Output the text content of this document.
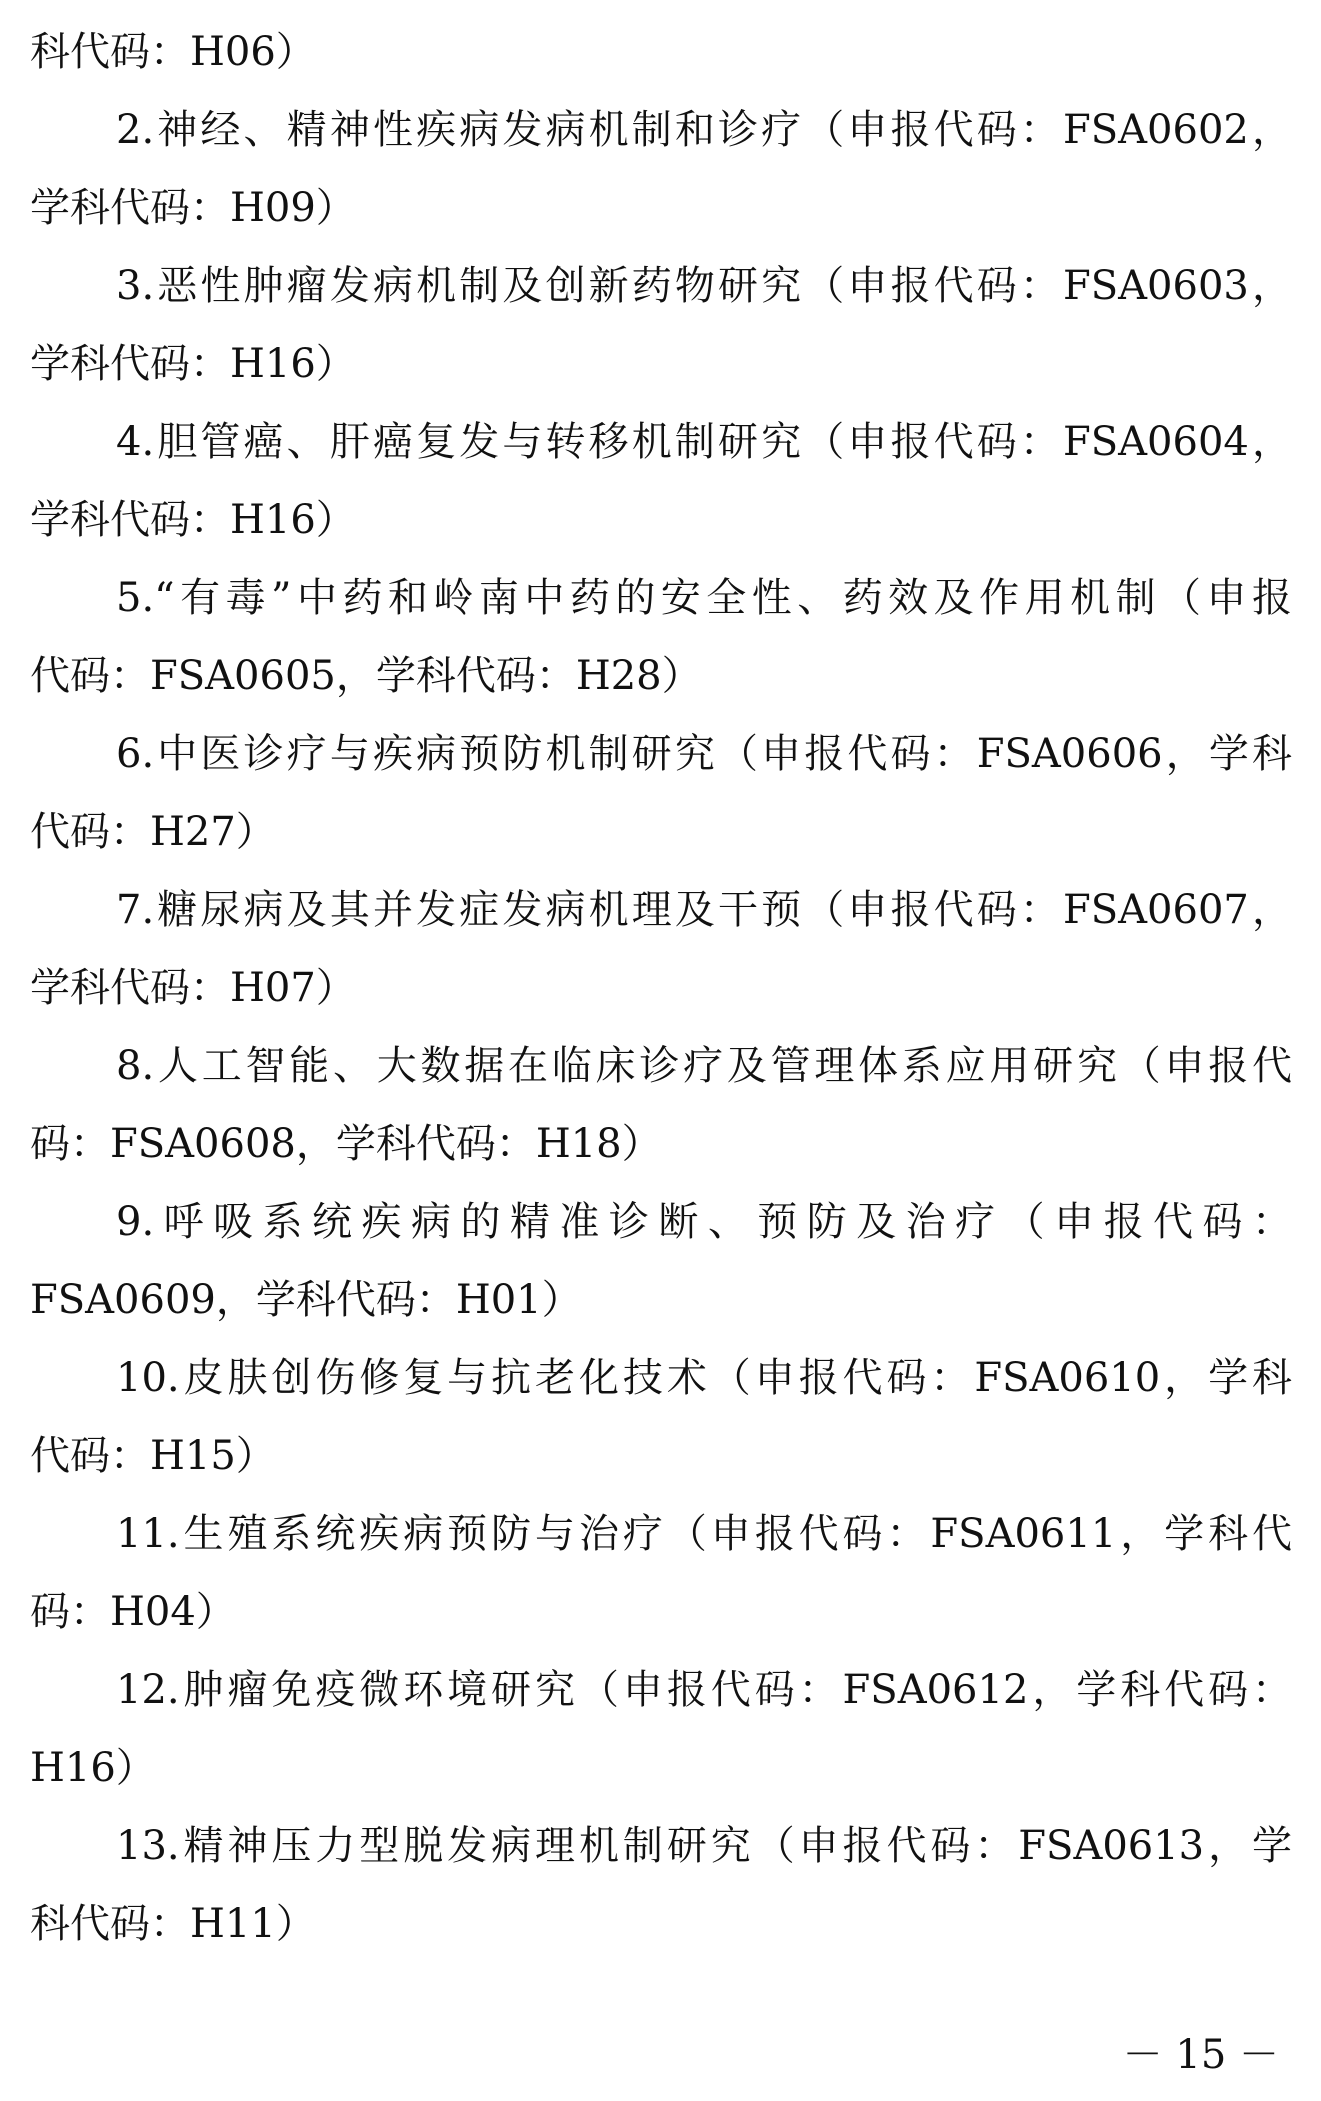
科代码：H06）
2.神经、精神性疾病发病机制和诊疗（申报代码：FSA0602，
学科代码：H09）
3.恶性肿瘤发病机制及创新药物研究（申报代码：FSA0603，
学科代码：H16）
4.胆管癌、肝癌复发与转移机制研究（申报代码：FSA0604，
学科代码：H16）
5.“有毒”中药和岭南中药的安全性、药效及作用机制（申报
代码：FSA0605，学科代码：H28）
6.中医诊疗与疾病预防机制研究（申报代码：FSA0606，学科
代码：H27）
7.糖尿病及其并发症发病机理及干预（申报代码：FSA0607，
学科代码：H07）
8.人工智能、大数据在临床诊疗及管理体系应用研究（申报代
码：FSA0608，学科代码：H18）
9.呼吸系统疾病的精准诊断、预防及治疗（申报代码：
FSA0609，学科代码：H01）
10.皮肤创伤修复与抗老化技术（申报代码：FSA0610，学科
代码：H15）
11.生殖系统疾病预防与治疗（申报代码：FSA0611，学科代
码：H04）
12.肿瘤免疫微环境研究（申报代码：FSA0612，学科代码：
H16）
13.精神压力型脱发病理机制研究（申报代码：FSA0613，学
科代码：H11）
－ 15 －
